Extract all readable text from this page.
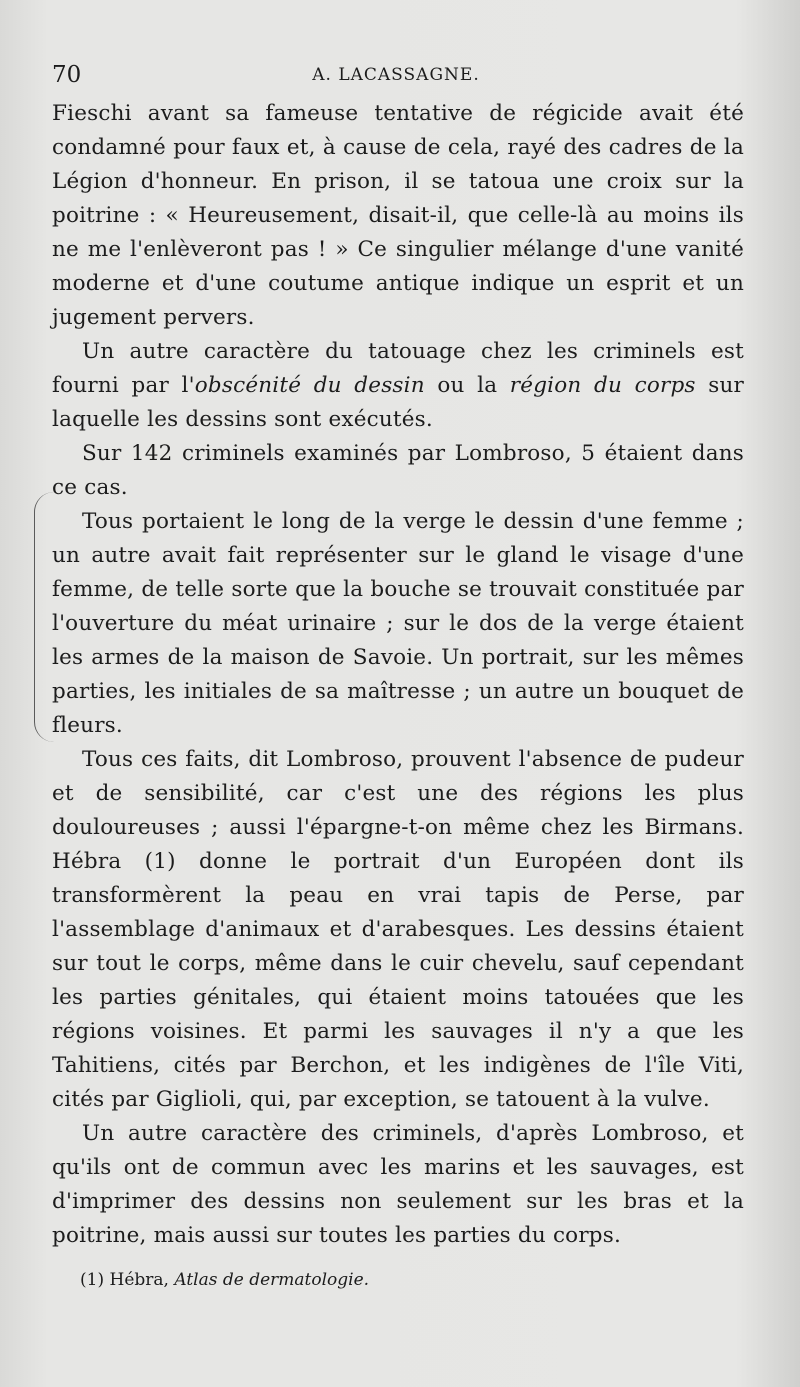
70	A. LACASSAGNE.

Fieschi avant sa fameuse tentative de régicide avait été condamné pour faux et, à cause de cela, rayé des cadres de la Légion d'honneur. En prison, il se tatoua une croix sur la poitrine : « Heureusement, disait-il, que celle-là au moins ils ne me l'enlèveront pas ! » Ce singulier mélange d'une vanité moderne et d'une coutume antique indique un esprit et un jugement pervers.

Un autre caractère du tatouage chez les criminels est fourni par l'obscénité du dessin ou la région du corps sur laquelle les dessins sont exécutés.

Sur 142 criminels examinés par Lombroso, 5 étaient dans ce cas.

Tous portaient le long de la verge le dessin d'une femme ; un autre avait fait représenter sur le gland le visage d'une femme, de telle sorte que la bouche se trouvait constituée par l'ouverture du méat urinaire ; sur le dos de la verge étaient les armes de la maison de Savoie. Un portrait, sur les mêmes parties, les initiales de sa maîtresse ; un autre un bouquet de fleurs.

Tous ces faits, dit Lombroso, prouvent l'absence de pudeur et de sensibilité, car c'est une des régions les plus douloureuses ; aussi l'épargne-t-on même chez les Birmans. Hébra (1) donne le portrait d'un Européen dont ils transformèrent la peau en vrai tapis de Perse, par l'assemblage d'animaux et d'arabesques. Les dessins étaient sur tout le corps, même dans le cuir chevelu, sauf cependant les parties génitales, qui étaient moins tatouées que les régions voisines. Et parmi les sauvages il n'y a que les Tahitiens, cités par Berchon, et les indigènes de l'île Viti, cités par Giglioli, qui, par exception, se tatouent à la vulve.

Un autre caractère des criminels, d'après Lombroso, et qu'ils ont de commun avec les marins et les sauvages, est d'imprimer des dessins non seulement sur les bras et la poitrine, mais aussi sur toutes les parties du corps.

(1) Hébra, Atlas de dermatologie.
